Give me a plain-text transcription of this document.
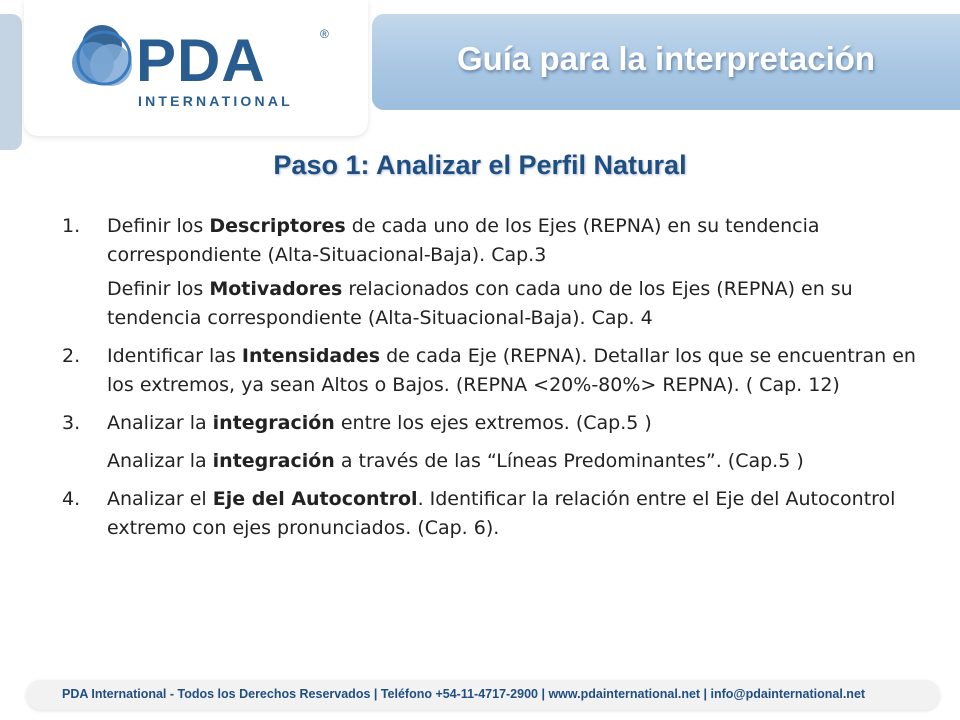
PDA	®
INTERNATIONAL
Guía para la interpretación
Paso 1: Analizar el Perfil Natural

1. Definir los Descriptores de cada uno de los Ejes (REPNA) en su tendencia correspondiente (Alta-Situacional-Baja). Cap.3

Definir los Motivadores relacionados con cada uno de los Ejes (REPNA) en su tendencia correspondiente (Alta-Situacional-Baja). Cap. 4

2. Identificar las Intensidades de cada Eje (REPNA). Detallar los que se encuentran en los extremos, ya sean Altos o Bajos. (REPNA <20%-80%> REPNA). ( Cap. 12)

3. Analizar la integración entre los ejes extremos. (Cap.5 )

Analizar la integración a través de las “Líneas Predominantes”. (Cap.5 )

4. Analizar el Eje del Autocontrol. Identificar la relación entre el Eje del Autocontrol extremo con ejes pronunciados. (Cap. 6).

PDA International - Todos los Derechos Reservados | Teléfono +54-11-4717-2900 | www.pdainternational.net | info@pdainternational.net
